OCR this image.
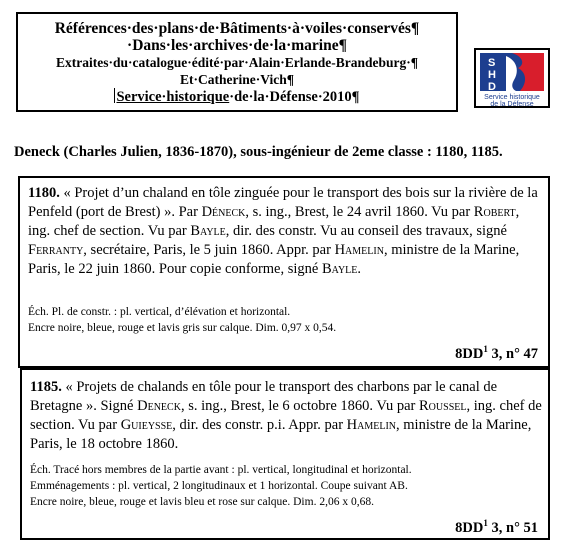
Références·des·plans·de·Bâtiments·à·voiles·conservés¶
·Dans·les·archives·de·la·marine¶
Extraites·du·catalogue·édité·par·Alain·Erlande-Brandeburg·¶
Et·Catherine·Vich¶
Service·historique·de·la·Défense·2010¶
S
H
D
Service historique
de la Défense
Deneck (Charles Julien, 1836-1870), sous-ingénieur de 2eme classe : 1180, 1185.
1180. « Projet d’un chaland en tôle zinguée pour le transport des bois sur la rivière de la Penfeld (port de Brest) ». Par Déneck, s. ing., Brest, le 24 avril 1860. Vu par Robert, ing. chef de section. Vu par Bayle, dir. des constr. Vu au conseil des travaux, signé Ferranty, secrétaire, Paris, le 5 juin 1860. Appr. par Hamelin, ministre de la Marine, Paris, le 22 juin 1860. Pour copie conforme, signé Bayle.
Éch. Pl. de constr. : pl. vertical, d’élévation et horizontal.
Encre noire, bleue, rouge et lavis gris sur calque. Dim. 0,97 x 0,54.
$8DD^1$ 3, n° 47
1185. « Projets de chalands en tôle pour le transport des charbons par le canal de Bretagne ». Signé Deneck, s. ing., Brest, le 6 octobre 1860. Vu par Roussel, ing. chef de section. Vu par Guieysse, dir. des constr. p.i. Appr. par Hamelin, ministre de la Marine, Paris, le 18 octobre 1860.
Éch. Tracé hors membres de la partie avant : pl. vertical, longitudinal et horizontal.
Emménagements : pl. vertical, 2 longitudinaux et 1 horizontal. Coupe suivant AB.
Encre noire, bleue, rouge et lavis bleu et rose sur calque. Dim. 2,06 x 0,68.
$8DD^1$ 3, n° 51
